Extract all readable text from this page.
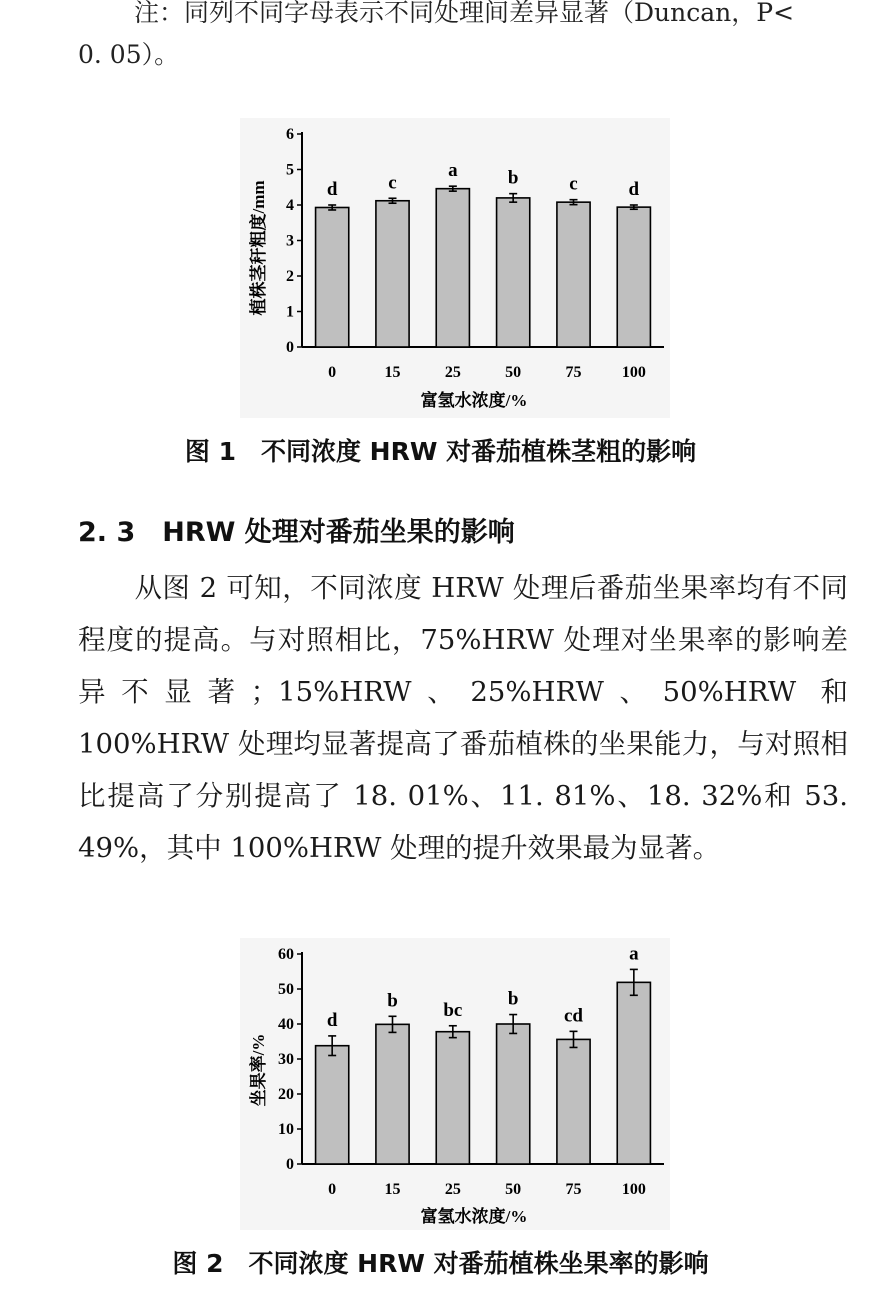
注：同列不同字母表示不同处理间差异显著（Duncan，P<
0. 05）。
植株茎秆粗度/mm
富氢水浓度/%
0
1
2
3
4
5
6
d
0
c
15
a
25
b
50
c
75
d
100
图 1　不同浓度 HRW 对番茄植株茎粗的影响
2. 3　HRW 处理对番茄坐果的影响
从图 2 可知，不同浓度 HRW 处理后番茄坐果率均有不同程度的提高。与对照相比，75%HRW 处理对坐果率的影响差异不显著；15%HRW、25%HRW、50%HRW 和 100%HRW 处理均显著提高了番茄植株的坐果能力，与对照相比提高了分别提高了 18. 01%、11. 81%、18. 32%和 53. 49%，其中 100%HRW 处理的提升效果最为显著。
坐果率/%
富氢水浓度/%
0
10
20
30
40
50
60
d
0
b
15
bc
25
b
50
cd
75
a
100
图 2　不同浓度 HRW 对番茄植株坐果率的影响
